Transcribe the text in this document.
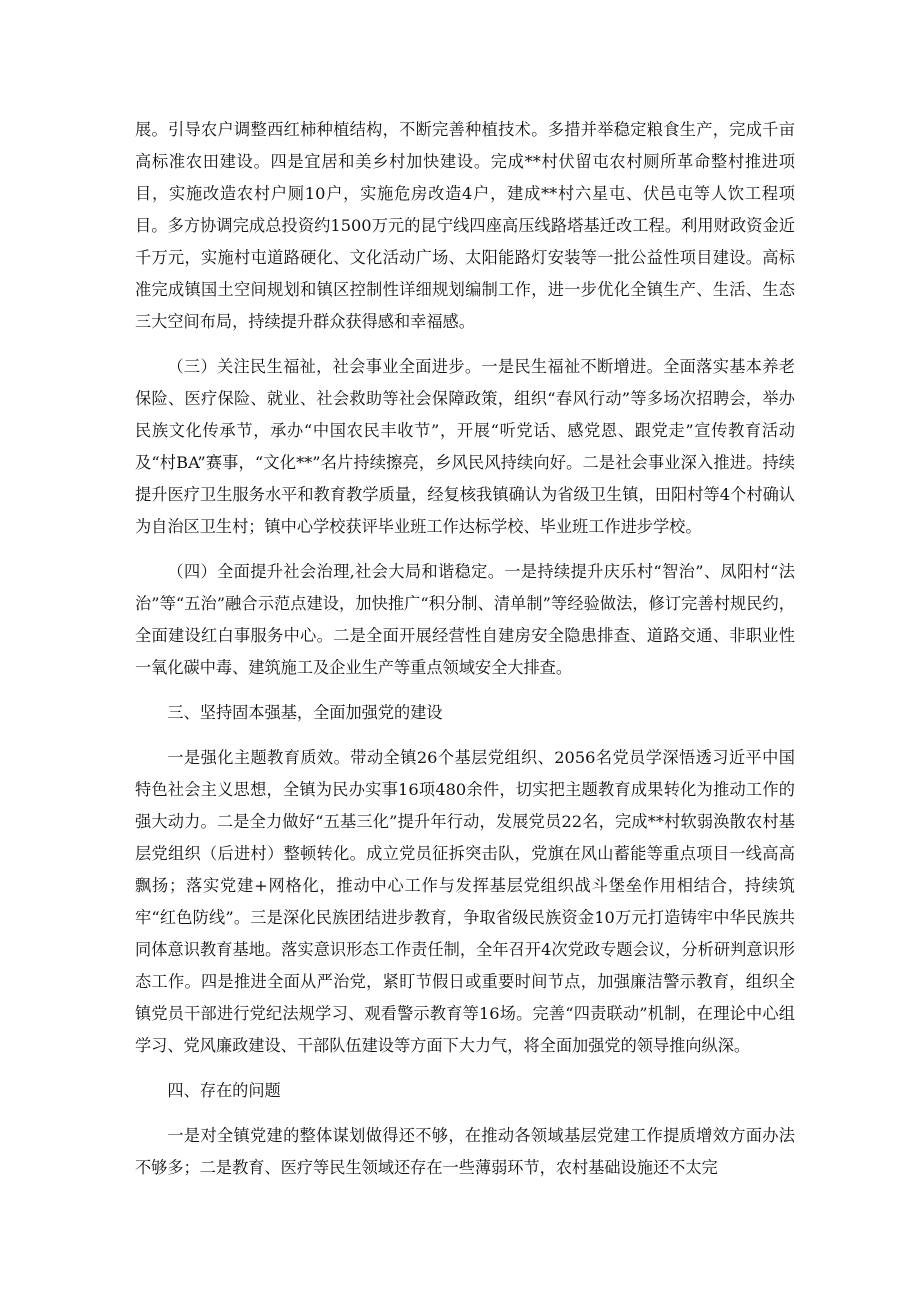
展。引导农户调整西红柿种植结构，不断完善种植技术。多措并举稳定粮食生产，完成千亩高标准农田建设。四是宜居和美乡村加快建设。完成**村伏留屯农村厕所革命整村推进项目，实施改造农村户厕10户，实施危房改造4户，建成**村六星屯、伏邑屯等人饮工程项目。多方协调完成总投资约1500万元的昆宁线四座高压线路塔基迁改工程。利用财政资金近千万元，实施村屯道路硬化、文化活动广场、太阳能路灯安装等一批公益性项目建设。高标准完成镇国土空间规划和镇区控制性详细规划编制工作，进一步优化全镇生产、生活、生态三大空间布局，持续提升群众获得感和幸福感。

（三）关注民生福祉，社会事业全面进步。一是民生福祉不断增进。全面落实基本养老保险、医疗保险、就业、社会救助等社会保障政策，组织“春风行动”等多场次招聘会，举办民族文化传承节，承办“中国农民丰收节”，开展“听党话、感党恩、跟党走”宣传教育活动及“村BA”赛事，“文化**”名片持续擦亮，乡风民风持续向好。二是社会事业深入推进。持续提升医疗卫生服务水平和教育教学质量，经复核我镇确认为省级卫生镇，田阳村等4个村确认为自治区卫生村；镇中心学校获评毕业班工作达标学校、毕业班工作进步学校。

（四）全面提升社会治理,社会大局和谐稳定。一是持续提升庆乐村“智治”、凤阳村“法治”等“五治”融合示范点建设，加快推广“积分制、清单制”等经验做法，修订完善村规民约，全面建设红白事服务中心。二是全面开展经营性自建房安全隐患排查、道路交通、非职业性一氧化碳中毒、建筑施工及企业生产等重点领域安全大排查。

三、坚持固本强基，全面加强党的建设

一是强化主题教育质效。带动全镇26个基层党组织、2056名党员学深悟透习近平中国特色社会主义思想，全镇为民办实事16项480余件，切实把主题教育成果转化为推动工作的强大动力。二是全力做好“五基三化”提升年行动，发展党员22名，完成**村软弱涣散农村基层党组织（后进村）整顿转化。成立党员征拆突击队，党旗在风山蓄能等重点项目一线高高飘扬；落实党建+网格化，推动中心工作与发挥基层党组织战斗堡垒作用相结合，持续筑牢“红色防线”。三是深化民族团结进步教育，争取省级民族资金10万元打造铸牢中华民族共同体意识教育基地。落实意识形态工作责任制，全年召开4次党政专题会议，分析研判意识形态工作。四是推进全面从严治党，紧盯节假日或重要时间节点，加强廉洁警示教育，组织全镇党员干部进行党纪法规学习、观看警示教育等16场。完善“四责联动”机制，在理论中心组学习、党风廉政建设、干部队伍建设等方面下大力气，将全面加强党的领导推向纵深。

四、存在的问题

一是对全镇党建的整体谋划做得还不够，在推动各领域基层党建工作提质增效方面办法不够多；二是教育、医疗等民生领域还存在一些薄弱环节，农村基础设施还不太完
